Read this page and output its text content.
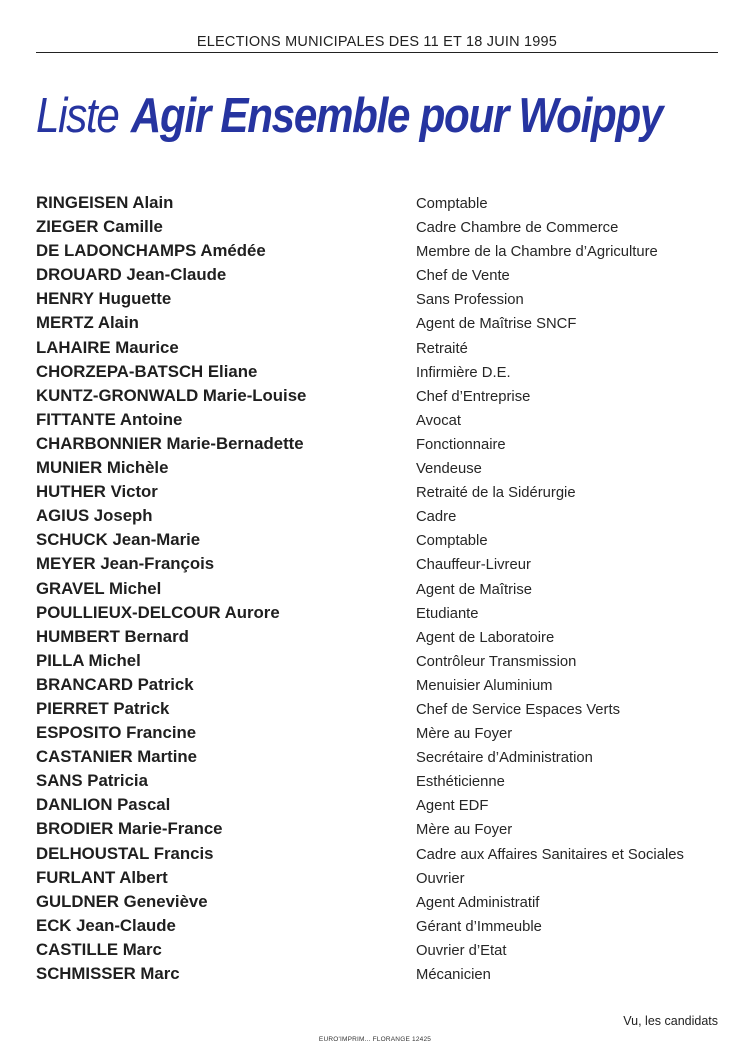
ELECTIONS MUNICIPALES DES 11 ET 18 JUIN 1995
Liste Agir Ensemble pour Woippy
RINGEISEN Alain	Comptable
ZIEGER Camille	Cadre Chambre de Commerce
DE LADONCHAMPS Amédée	Membre de la Chambre d’Agriculture
DROUARD Jean-Claude	Chef de Vente
HENRY Huguette	Sans Profession
MERTZ Alain	Agent de Maîtrise SNCF
LAHAIRE Maurice	Retraité
CHORZEPA-BATSCH Eliane	Infirmière D.E.
KUNTZ-GRONWALD Marie-Louise	Chef d’Entreprise
FITTANTE Antoine	Avocat
CHARBONNIER Marie-Bernadette	Fonctionnaire
MUNIER Michèle	Vendeuse
HUTHER Victor	Retraité de la Sidérurgie
AGIUS Joseph	Cadre
SCHUCK Jean-Marie	Comptable
MEYER Jean-François	Chauffeur-Livreur
GRAVEL Michel	Agent de Maîtrise
POULLIEUX-DELCOUR Aurore	Etudiante
HUMBERT Bernard	Agent de Laboratoire
PILLA Michel	Contrôleur Transmission
BRANCARD Patrick	Menuisier Aluminium
PIERRET Patrick	Chef de Service Espaces Verts
ESPOSITO Francine	Mère au Foyer
CASTANIER Martine	Secrétaire d’Administration
SANS Patricia	Esthéticienne
DANLION Pascal	Agent EDF
BRODIER Marie-France	Mère au Foyer
DELHOUSTAL Francis	Cadre aux Affaires Sanitaires et Sociales
FURLANT Albert	Ouvrier
GULDNER Geneviève	Agent Administratif
ECK Jean-Claude	Gérant d’Immeuble
CASTILLE Marc	Ouvrier d’Etat
SCHMISSER Marc	Mécanicien
Vu, les candidats
EURO'IMPRIM... FLORANGE 12425
